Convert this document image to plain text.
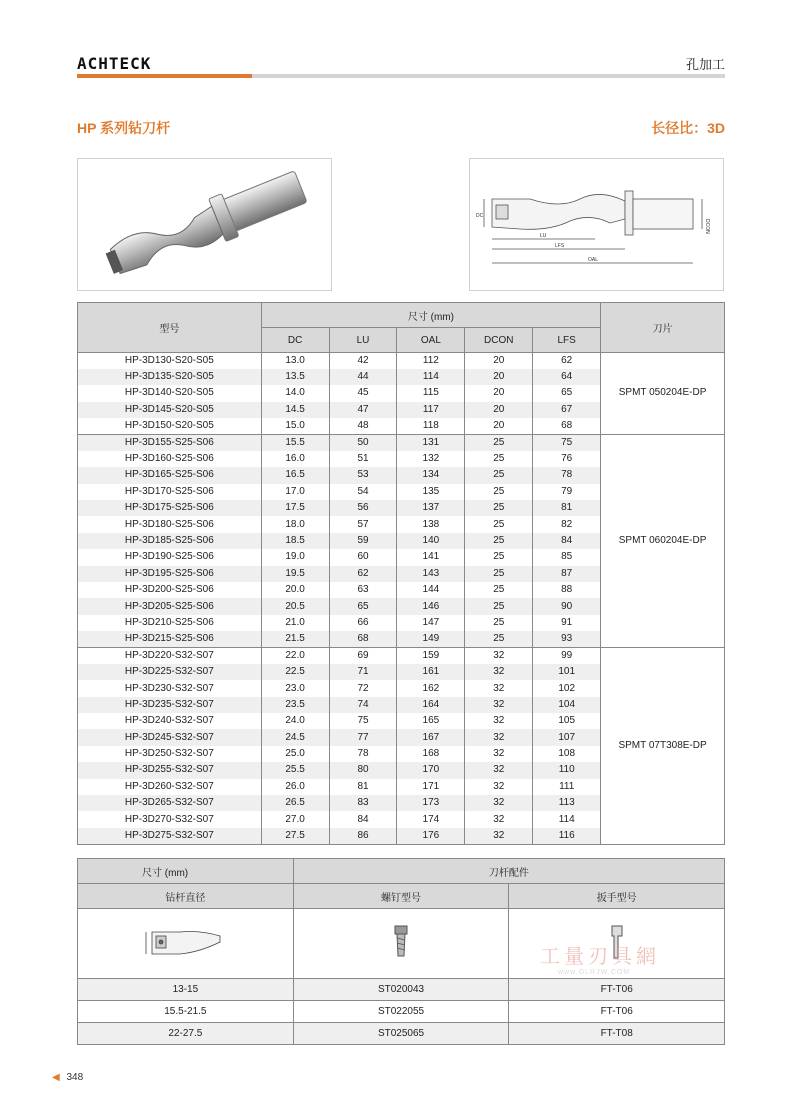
ACHTECK	孔加工
HP 系列钻刀杆	长径比：3D
DC
LU
LFS
OAL
DCON
型号	尺寸 (mm)					刀片
	DC	LU	OAL	DCON	LFS	
HP-3D130-S20-S05	13.0	42	112	20	62	SPMT 050204E-DP
HP-3D135-S20-S05	13.5	44	114	20	64	
HP-3D140-S20-S05	14.0	45	115	20	65	
HP-3D145-S20-S05	14.5	47	117	20	67	
HP-3D150-S20-S05	15.0	48	118	20	68	
HP-3D155-S25-S06	15.5	50	131	25	75	SPMT 060204E-DP
HP-3D160-S25-S06	16.0	51	132	25	76	
HP-3D165-S25-S06	16.5	53	134	25	78	
HP-3D170-S25-S06	17.0	54	135	25	79	
HP-3D175-S25-S06	17.5	56	137	25	81	
HP-3D180-S25-S06	18.0	57	138	25	82	
HP-3D185-S25-S06	18.5	59	140	25	84	
HP-3D190-S25-S06	19.0	60	141	25	85	
HP-3D195-S25-S06	19.5	62	143	25	87	
HP-3D200-S25-S06	20.0	63	144	25	88	
HP-3D205-S25-S06	20.5	65	146	25	90	
HP-3D210-S25-S06	21.0	66	147	25	91	
HP-3D215-S25-S06	21.5	68	149	25	93	
HP-3D220-S32-S07	22.0	69	159	32	99	SPMT 07T308E-DP
HP-3D225-S32-S07	22.5	71	161	32	101	
HP-3D230-S32-S07	23.0	72	162	32	102	
HP-3D235-S32-S07	23.5	74	164	32	104	
HP-3D240-S32-S07	24.0	75	165	32	105	
HP-3D245-S32-S07	24.5	77	167	32	107	
HP-3D250-S32-S07	25.0	78	168	32	108	
HP-3D255-S32-S07	25.5	80	170	32	110	
HP-3D260-S32-S07	26.0	81	171	32	111	
HP-3D265-S32-S07	26.5	83	173	32	113	
HP-3D270-S32-S07	27.0	84	174	32	114	
HP-3D275-S32-S07	27.5	86	176	32	116	
尺寸 (mm)	刀杆配件	
钻杆直径	螺钉型号	扳手型号

13-15	ST020043	FT-T06
15.5-21.5	ST022055	FT-T06
22-27.5	ST025065	FT-T08
工量刃具網
www.GLRJW.COM
◀ 348
